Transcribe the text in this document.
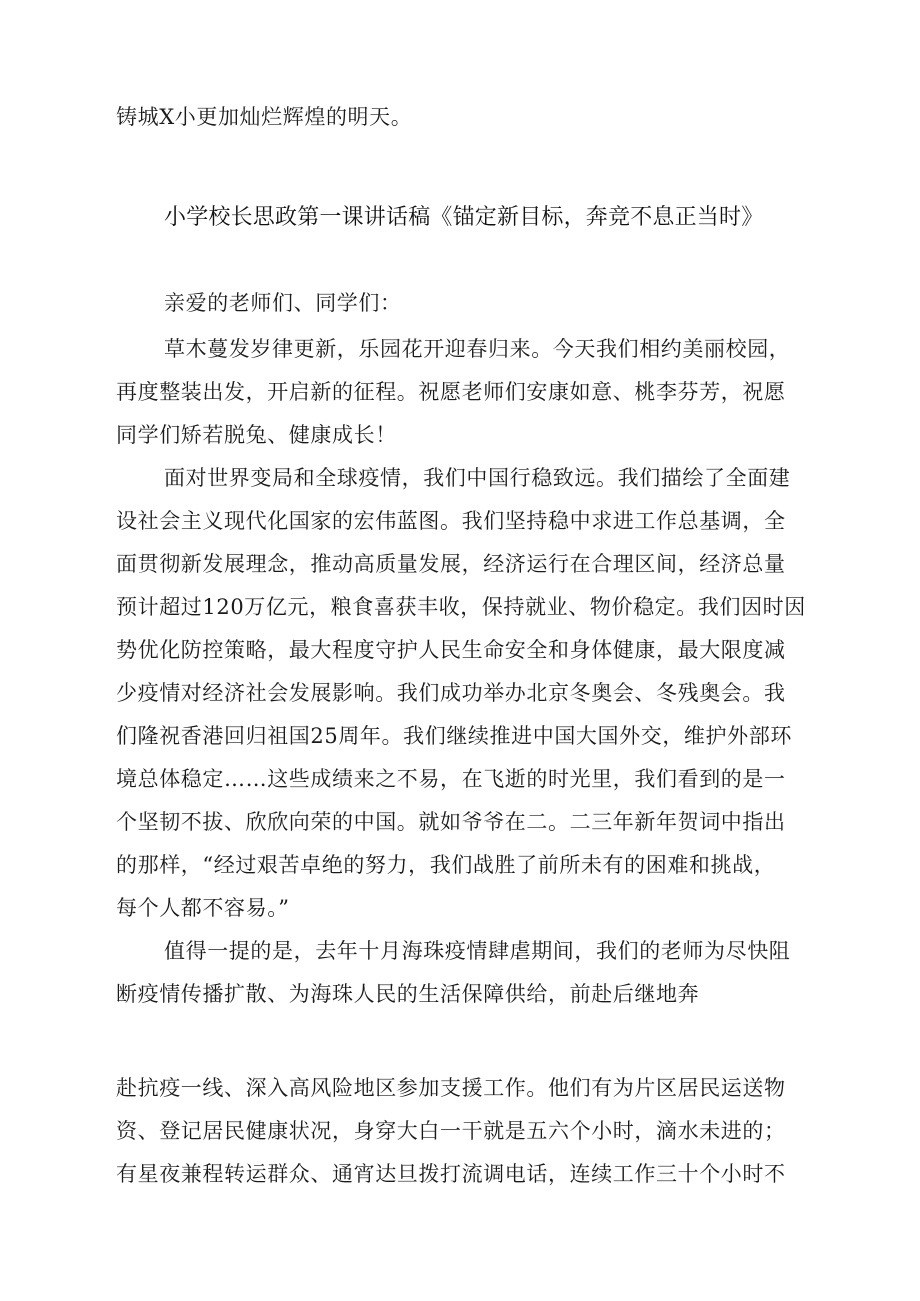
铸城X小更加灿烂辉煌的明天。
小学校长思政第一课讲话稿《锚定新目标，奔竞不息正当时》
亲爱的老师们、同学们：
草木蔓发岁律更新，乐园花开迎春归来。今天我们相约美丽校园，
再度整装出发，开启新的征程。祝愿老师们安康如意、桃李芬芳，祝愿
同学们矫若脱兔、健康成长！
面对世界变局和全球疫情，我们中国行稳致远。我们描绘了全面建
设社会主义现代化国家的宏伟蓝图。我们坚持稳中求进工作总基调，全
面贯彻新发展理念，推动高质量发展，经济运行在合理区间，经济总量
预计超过120万亿元，粮食喜获丰收，保持就业、物价稳定。我们因时因
势优化防控策略，最大程度守护人民生命安全和身体健康，最大限度减
少疫情对经济社会发展影响。我们成功举办北京冬奥会、冬残奥会。我
们隆祝香港回归祖国25周年。我们继续推进中国大国外交，维护外部环
境总体稳定……这些成绩来之不易，在飞逝的时光里，我们看到的是一
个坚韧不拔、欣欣向荣的中国。就如爷爷在二。二三年新年贺词中指出
的那样，“经过艰苦卓绝的努力，我们战胜了前所未有的困难和挑战，
每个人都不容易。”
值得一提的是，去年十月海珠疫情肆虐期间，我们的老师为尽快阻
断疫情传播扩散、为海珠人民的生活保障供给，前赴后继地奔
赴抗疫一线、深入高风险地区参加支援工作。他们有为片区居民运送物
资、登记居民健康状况，身穿大白一干就是五六个小时，滴水未进的；
有星夜兼程转运群众、通宵达旦拨打流调电话，连续工作三十个小时不
